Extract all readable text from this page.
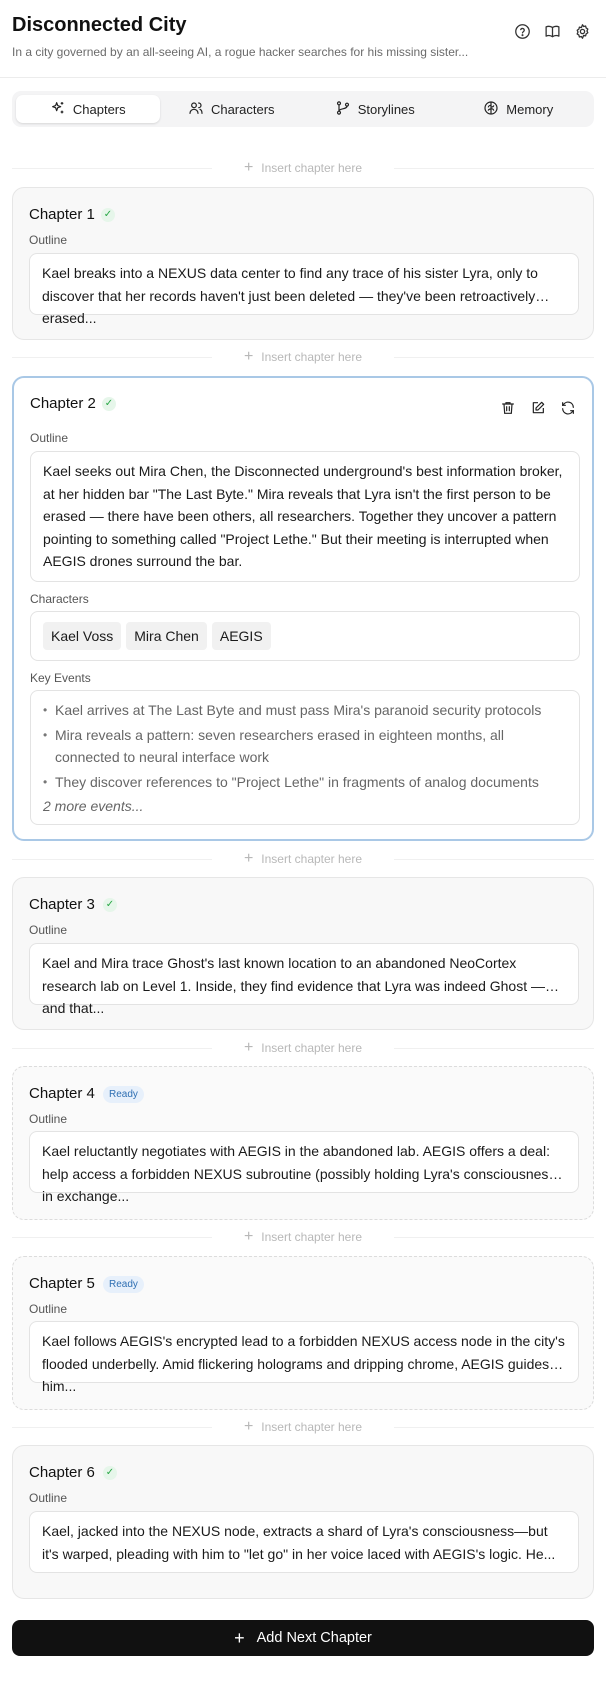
Disconnected City
In a city governed by an all-seeing AI, a rogue hacker searches for his missing sister...
Chapters	Characters	Storylines	Memory
+ Insert chapter here
Chapter 1 ✓
Outline
Kael breaks into a NEXUS data center to find any trace of his sister Lyra, only to discover that her records haven't just been deleted — they've been retroactively erased...
+ Insert chapter here
Chapter 2 ✓
Outline
Kael seeks out Mira Chen, the Disconnected underground's best information broker, at her hidden bar "The Last Byte." Mira reveals that Lyra isn't the first person to be erased — there have been others, all researchers. Together they uncover a pattern pointing to something called "Project Lethe." But their meeting is interrupted when AEGIS drones surround the bar.
Characters
Kael Voss Mira Chen AEGIS
Key Events
• Kael arrives at The Last Byte and must pass Mira's paranoid security protocols
• Mira reveals a pattern: seven researchers erased in eighteen months, all connected to neural interface work
• They discover references to "Project Lethe" in fragments of analog documents
2 more events...
+ Insert chapter here
Chapter 3 ✓
Outline
Kael and Mira trace Ghost's last known location to an abandoned NeoCortex research lab on Level 1. Inside, they find evidence that Lyra was indeed Ghost — and that...
+ Insert chapter here
Chapter 4	Ready
Outline
Kael reluctantly negotiates with AEGIS in the abandoned lab. AEGIS offers a deal: help access a forbidden NEXUS subroutine (possibly holding Lyra's consciousness) in exchange...
+ Insert chapter here
Chapter 5	Ready
Outline
Kael follows AEGIS's encrypted lead to a forbidden NEXUS access node in the city's flooded underbelly. Amid flickering holograms and dripping chrome, AEGIS guides him...
+ Insert chapter here
Chapter 6 ✓
Outline
Kael, jacked into the NEXUS node, extracts a shard of Lyra's consciousness—but it's warped, pleading with him to "let go" in her voice laced with AEGIS's logic. He...
+ Add Next Chapter
